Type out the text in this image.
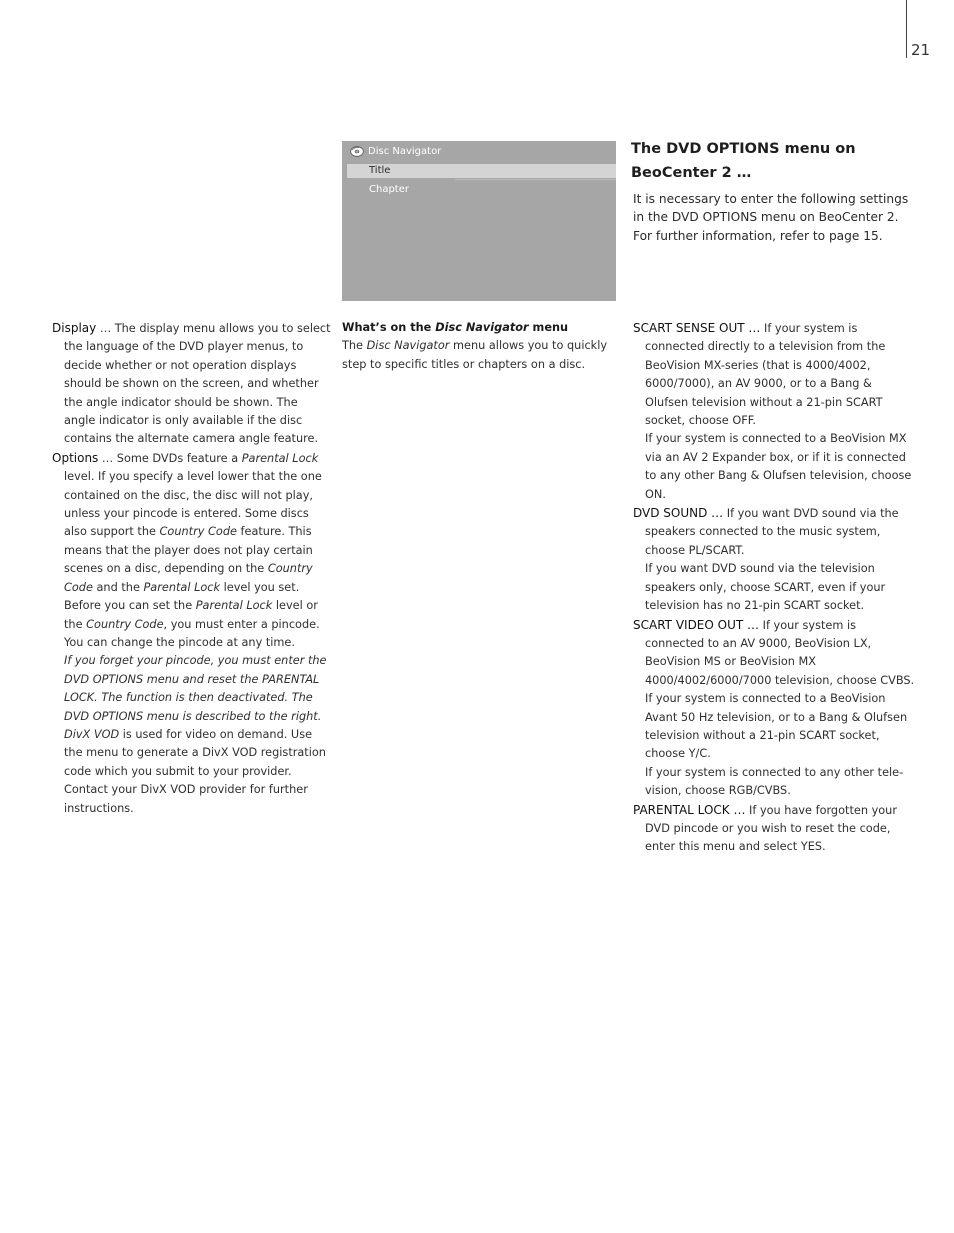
21
Disc Navigator
Title
Chapter
The DVD OPTIONS menu on
BeoCenter 2 …
It is necessary to enter the following settings in the DVD OPTIONS menu on BeoCenter 2. For further information, refer to page 15.

Display … The display menu allows you to select the language of the DVD player menus, to decide whether or not operation displays should be shown on the screen, and whether the angle indicator should be shown. The angle indicator is only available if the disc contains the alternate camera angle feature.

Options … Some DVDs feature a Parental Lock level. If you specify a level lower that the one contained on the disc, the disc will not play, unless your pincode is entered. Some discs also support the Country Code feature. This means that the player does not play certain scenes on a disc, depending on the Country Code and the Parental Lock level you set. Before you can set the Parental Lock level or the Country Code, you must enter a pincode. You can change the pincode at any time.

If you forget your pincode, you must enter the DVD OPTIONS menu and reset the PARENTAL LOCK. The function is then deactivated. The DVD OPTIONS menu is described to the right.

DivX VOD is used for video on demand. Use the menu to generate a DivX VOD registration code which you submit to your provider. Contact your DivX VOD provider for further instructions.

What’s on the Disc Navigator menu

The Disc Navigator menu allows you to quickly step to specific titles or chapters on a disc.

SCART SENSE OUT … If your system is connected directly to a television from the BeoVision MX-series (that is 4000/4002, 6000/7000), an AV 9000, or to a Bang & Olufsen television without a 21-pin SCART socket, choose OFF.

If your system is connected to a BeoVision MX via an AV 2 Expander box, or if it is connected to any other Bang & Olufsen television, choose ON.

DVD SOUND … If you want DVD sound via the speakers connected to the music system, choose PL/SCART.

If you want DVD sound via the television speakers only, choose SCART, even if your television has no 21-pin SCART socket.

SCART VIDEO OUT … If your system is connected to an AV 9000, BeoVision LX, BeoVision MS or BeoVision MX 4000/4002/6000/7000 television, choose CVBS.

If your system is connected to a BeoVision Avant 50 Hz television, or to a Bang & Olufsen television without a 21-pin SCART socket, choose Y/C.

If your system is connected to any other tele-vision, choose RGB/CVBS.

PARENTAL LOCK … If you have forgotten your DVD pincode or you wish to reset the code, enter this menu and select YES.
